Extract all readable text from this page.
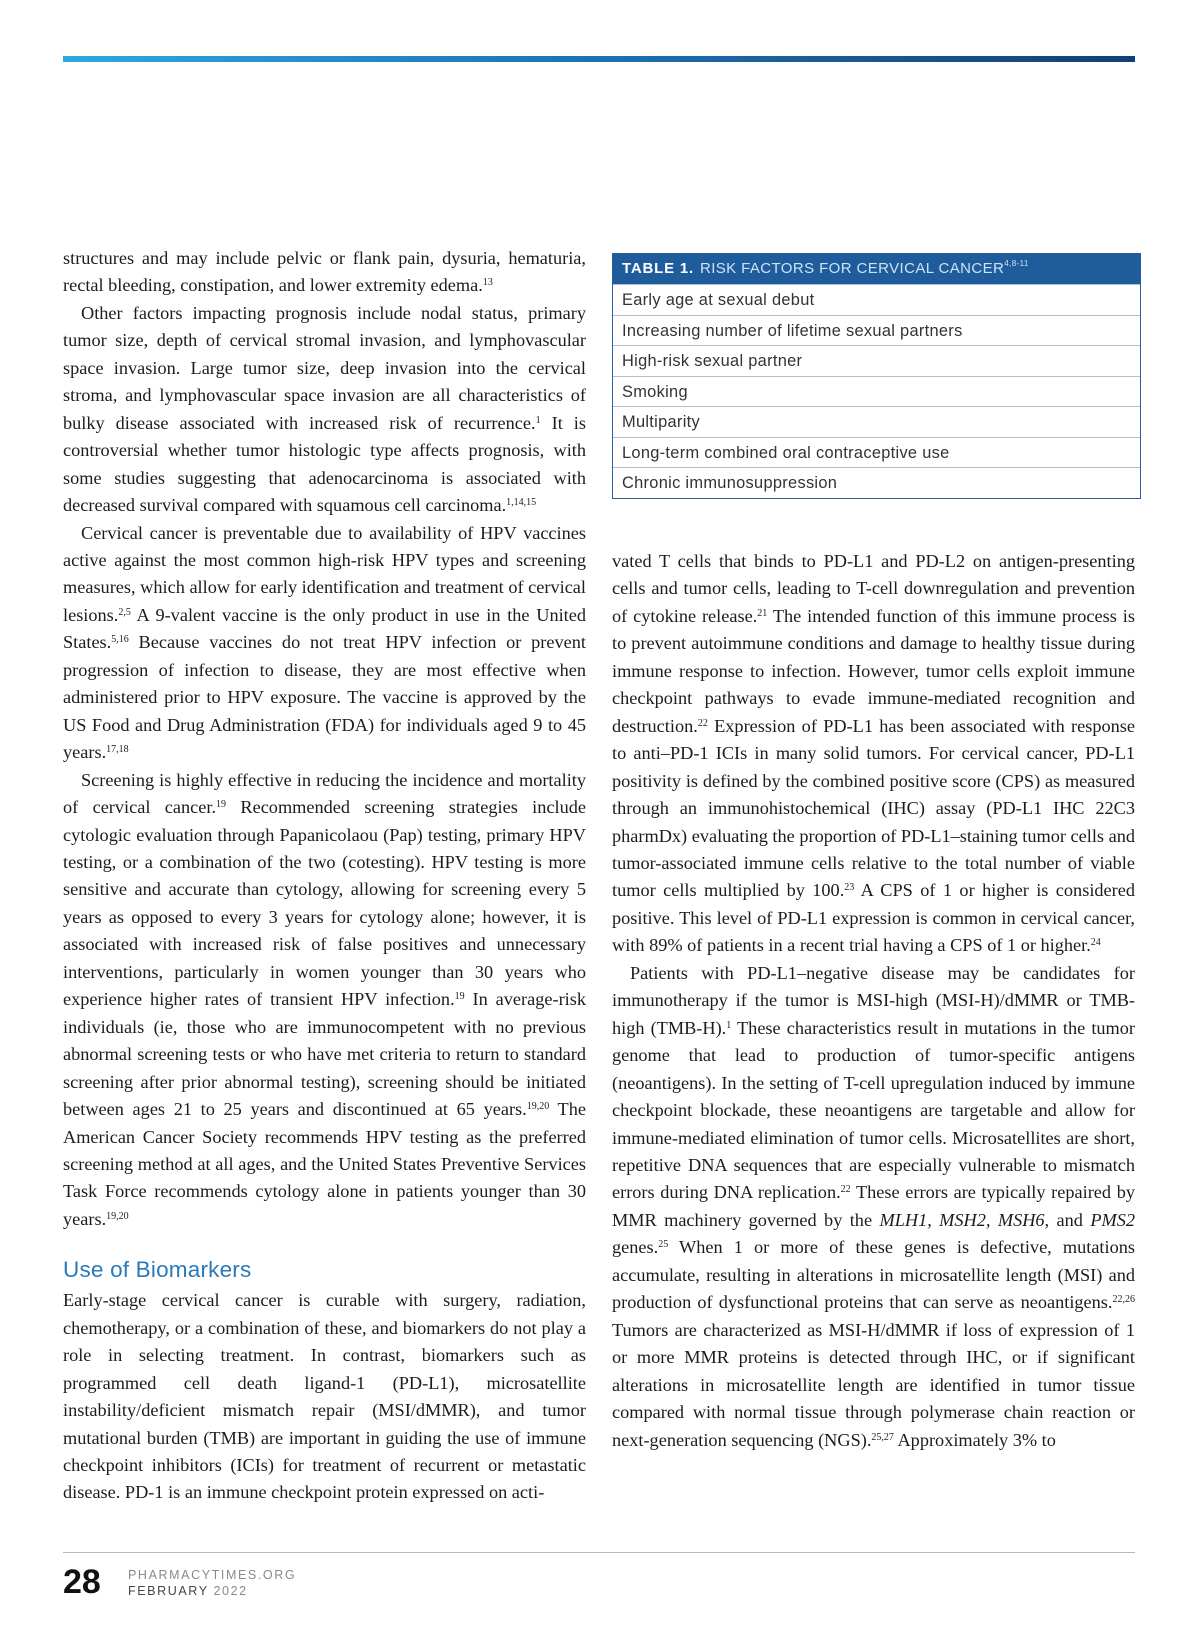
structures and may include pelvic or flank pain, dysuria, hematuria, rectal bleeding, constipation, and lower extremity edema.$^{13}$

Other factors impacting prognosis include nodal status, primary tumor size, depth of cervical stromal invasion, and lymphovascular space invasion. Large tumor size, deep invasion into the cervical stroma, and lymphovascular space invasion are all characteristics of bulky disease associated with increased risk of recurrence.$^1$ It is controversial whether tumor histologic type affects prognosis, with some studies suggesting that adenocarcinoma is associated with decreased survival compared with squamous cell carcinoma.$^{1,14,15}$

Cervical cancer is preventable due to availability of HPV vaccines active against the most common high-risk HPV types and screening measures, which allow for early identification and treatment of cervical lesions.$^{2,5}$ A 9-valent vaccine is the only product in use in the United States.$^{5,16}$ Because vaccines do not treat HPV infection or prevent progression of infection to disease, they are most effective when administered prior to HPV exposure. The vaccine is approved by the US Food and Drug Administration (FDA) for individuals aged 9 to 45 years.$^{17,18}$

Screening is highly effective in reducing the incidence and mortality of cervical cancer.$^{19}$ Recommended screening strategies include cytologic evaluation through Papanicolaou (Pap) testing, primary HPV testing, or a combination of the two (cotesting). HPV testing is more sensitive and accurate than cytology, allowing for screening every 5 years as opposed to every 3 years for cytology alone; however, it is associated with increased risk of false positives and unnecessary interventions, particularly in women younger than 30 years who experience higher rates of transient HPV infection.$^{19}$ In average-risk individuals (ie, those who are immunocompetent with no previous abnormal screening tests or who have met criteria to return to standard screening after prior abnormal testing), screening should be initiated between ages 21 to 25 years and discontinued at 65 years.$^{19,20}$ The American Cancer Society recommends HPV testing as the preferred screening method at all ages, and the United States Preventive Services Task Force recommends cytology alone in patients younger than 30 years.$^{19,20}$

Use of Biomarkers

Early-stage cervical cancer is curable with surgery, radiation, chemotherapy, or a combination of these, and biomarkers do not play a role in selecting treatment. In contrast, biomarkers such as programmed cell death ligand-1 (PD-L1), microsatellite instability/deficient mismatch repair (MSI/dMMR), and tumor mutational burden (TMB) are important in guiding the use of immune checkpoint inhibitors (ICIs) for treatment of recurrent or metastatic disease. PD-1 is an immune checkpoint protein expressed on acti-

TABLE 1. RISK FACTORS FOR CERVICAL CANCER$^{4,8-11}$
Early age at sexual debut
Increasing number of lifetime sexual partners
High-risk sexual partner
Smoking
Multiparity
Long-term combined oral contraceptive use
Chronic immunosuppression

vated T cells that binds to PD-L1 and PD-L2 on antigen-presenting cells and tumor cells, leading to T-cell downregulation and prevention of cytokine release.$^{21}$ The intended function of this immune process is to prevent autoimmune conditions and damage to healthy tissue during immune response to infection. However, tumor cells exploit immune checkpoint pathways to evade immune-mediated recognition and destruction.$^{22}$ Expression of PD-L1 has been associated with response to anti–PD-1 ICIs in many solid tumors. For cervical cancer, PD-L1 positivity is defined by the combined positive score (CPS) as measured through an immunohistochemical (IHC) assay (PD-L1 IHC 22C3 pharmDx) evaluating the proportion of PD-L1–staining tumor cells and tumor-associated immune cells relative to the total number of viable tumor cells multiplied by 100.23 A CPS of 1 or higher is considered positive. This level of PD-L1 expression is common in cervical cancer, with 89% of patients in a recent trial having a CPS of 1 or higher.$^{24}$

Patients with PD-L1–negative disease may be candidates for immunotherapy if the tumor is MSI-high (MSI-H)/dMMR or TMB-high (TMB-H).$^1$ These characteristics result in mutations in the tumor genome that lead to production of tumor-specific antigens (neoantigens). In the setting of T-cell upregulation induced by immune checkpoint blockade, these neoantigens are targetable and allow for immune-mediated elimination of tumor cells. Microsatellites are short, repetitive DNA sequences that are especially vulnerable to mismatch errors during DNA replication.$^{22}$ These errors are typically repaired by MMR machinery governed by the MLH1, MSH2, MSH6, and PMS2 genes.$^{25}$ When 1 or more of these genes is defective, mutations accumulate, resulting in alterations in microsatellite length (MSI) and production of dysfunctional proteins that can serve as neoantigens.$^{22,26}$ Tumors are characterized as MSI-H/dMMR if loss of expression of 1 or more MMR proteins is detected through IHC, or if significant alterations in microsatellite length are identified in tumor tissue compared with normal tissue through polymerase chain reaction or next-generation sequencing (NGS).$^{25,27}$ Approximately 3% to

28 PHARMACYTIMES.ORG
FEBRUARY 2022
